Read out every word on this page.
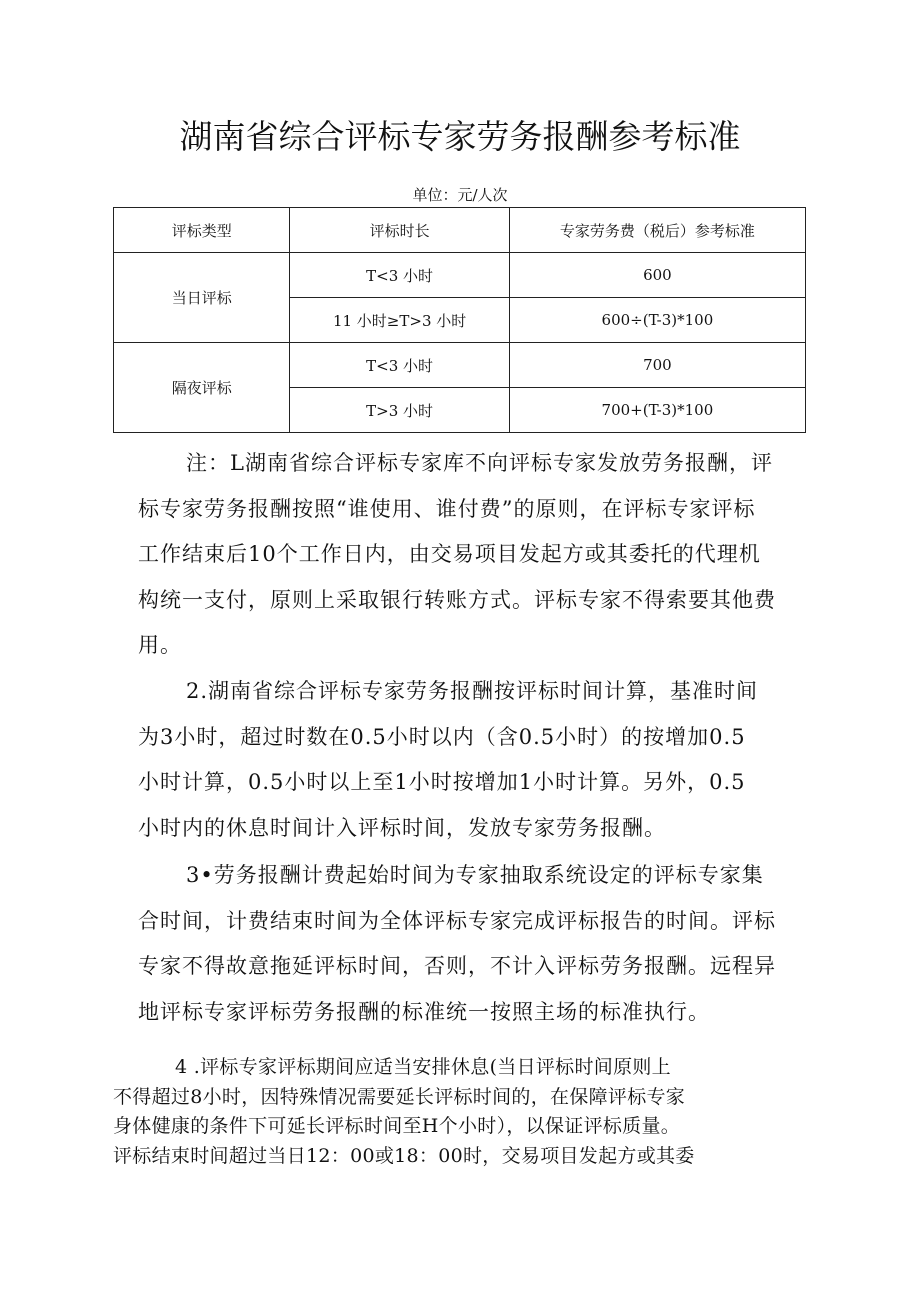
湖南省综合评标专家劳务报酬参考标准
单位：元/人次
评标类型	评标时长	专家劳务费（税后）参考标准
当日评标	T<3 小时	600
	11 小时≥T>3 小时	600÷(T-3)*100
隔夜评标	T<3 小时	700
	T>3 小时	700+(T-3)*100
注：L湖南省综合评标专家库不向评标专家发放劳务报酬，评
标专家劳务报酬按照“谁使用、谁付费”的原则，在评标专家评标
工作结束后10个工作日内，由交易项目发起方或其委托的代理机
构统一支付，原则上采取银行转账方式。评标专家不得索要其他费
用。
2.湖南省综合评标专家劳务报酬按评标时间计算，基准时间
为3小时，超过时数在0.5小时以内（含0.5小时）的按增加0.5
小时计算，0.5小时以上至1小时按增加1小时计算。另外，0.5
小时内的休息时间计入评标时间，发放专家劳务报酬。
3•劳务报酬计费起始时间为专家抽取系统设定的评标专家集
合时间，计费结束时间为全体评标专家完成评标报告的时间。评标
专家不得故意拖延评标时间，否则，不计入评标劳务报酬。远程异
地评标专家评标劳务报酬的标准统一按照主场的标准执行。
4 .评标专家评标期间应适当安排休息(当日评标时间原则上
不得超过8小时，因特殊情况需要延长评标时间的，在保障评标专家
身体健康的条件下可延长评标时间至H个小时），以保证评标质量。
评标结束时间超过当日12：00或18：00时，交易项目发起方或其委
